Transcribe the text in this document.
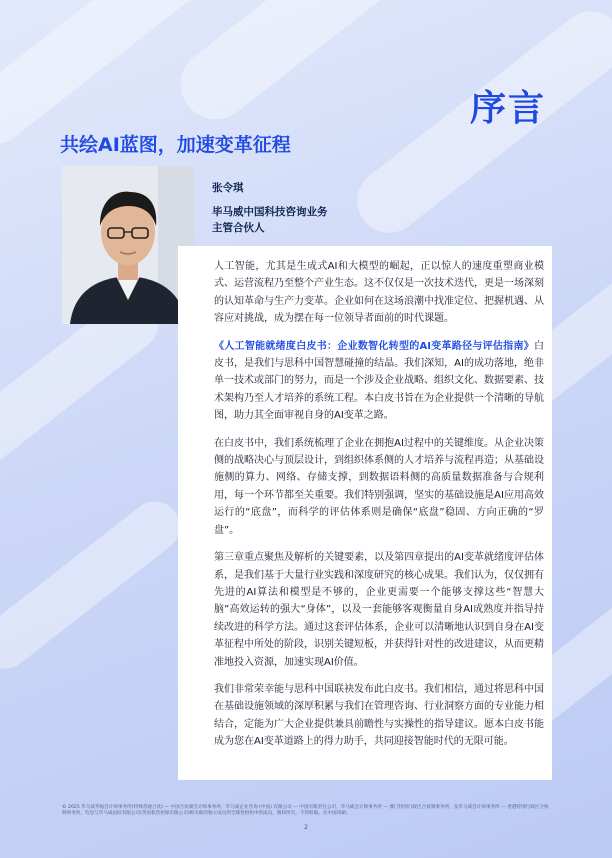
序言
共绘AI蓝图，加速变革征程
张令琪
毕马威中国科技咨询业务
主管合伙人

人工智能，尤其是生成式AI和大模型的崛起，正以惊人的速度重塑商业模式、运营流程乃至整个产业生态。这不仅仅是一次技术迭代，更是一场深刻的认知革命与生产力变革。企业如何在这场浪潮中找准定位、把握机遇、从容应对挑战，成为摆在每一位领导者面前的时代课题。

《人工智能就绪度白皮书：企业数智化转型的AI变革路径与评估指南》白皮书，是我们与思科中国智慧碰撞的结晶。我们深知，AI的成功落地，绝非单一技术或部门的努力，而是一个涉及企业战略、组织文化、数据要素、技术架构乃至人才培养的系统工程。本白皮书旨在为企业提供一个清晰的导航图，助力其全面审视自身的AI变革之路。

在白皮书中，我们系统梳理了企业在拥抱AI过程中的关键维度。从企业决策侧的战略决心与顶层设计，到组织体系侧的人才培养与流程再造；从基础设施侧的算力、网络、存储支撑，到数据语料侧的高质量数据准备与合规利用，每一个环节都至关重要。我们特别强调，坚实的基础设施是AI应用高效运行的“底盘”，而科学的评估体系则是确保“底盘”稳固、方向正确的“罗盘”。

第三章重点聚焦及解析的关键要素，以及第四章提出的AI变革就绪度评估体系，是我们基于大量行业实践和深度研究的核心成果。我们认为，仅仅拥有先进的AI算法和模型是不够的，企业更需要一个能够支撑这些“智慧大脑”高效运转的强大“身体”，以及一套能够客观衡量自身AI成熟度并指导持续改进的科学方法。通过这套评估体系，企业可以清晰地认识到自身在AI变革征程中所处的阶段，识别关键短板，并获得针对性的改进建议，从而更精准地投入资源，加速实现AI价值。

我们非常荣幸能与思科中国联袂发布此白皮书。我们相信，通过将思科中国在基础设施领域的深厚积累与我们在管理咨询、行业洞察方面的专业能力相结合，定能为广大企业提供兼具前瞻性与实操性的指导建议。愿本白皮书能成为您在AI变革道路上的得力助手，共同迎接智能时代的无限可能。

© 2025 毕马威华振会计师事务所(特殊普通合伙) — 中国合伙制会计师事务所，毕马威企业咨询 (中国) 有限公司 — 中国有限责任公司，毕马威会计师事务所 — 澳门特别行政区合伙制事务所，及毕马威会计师事务所 — 香港特别行政区合伙制事务所，均是与毕马威国际有限公司(英国私营担保有限公司)相关联的独立成员所全球性组织中的成员。版权所有，不得转载。在中国印刷。
2
